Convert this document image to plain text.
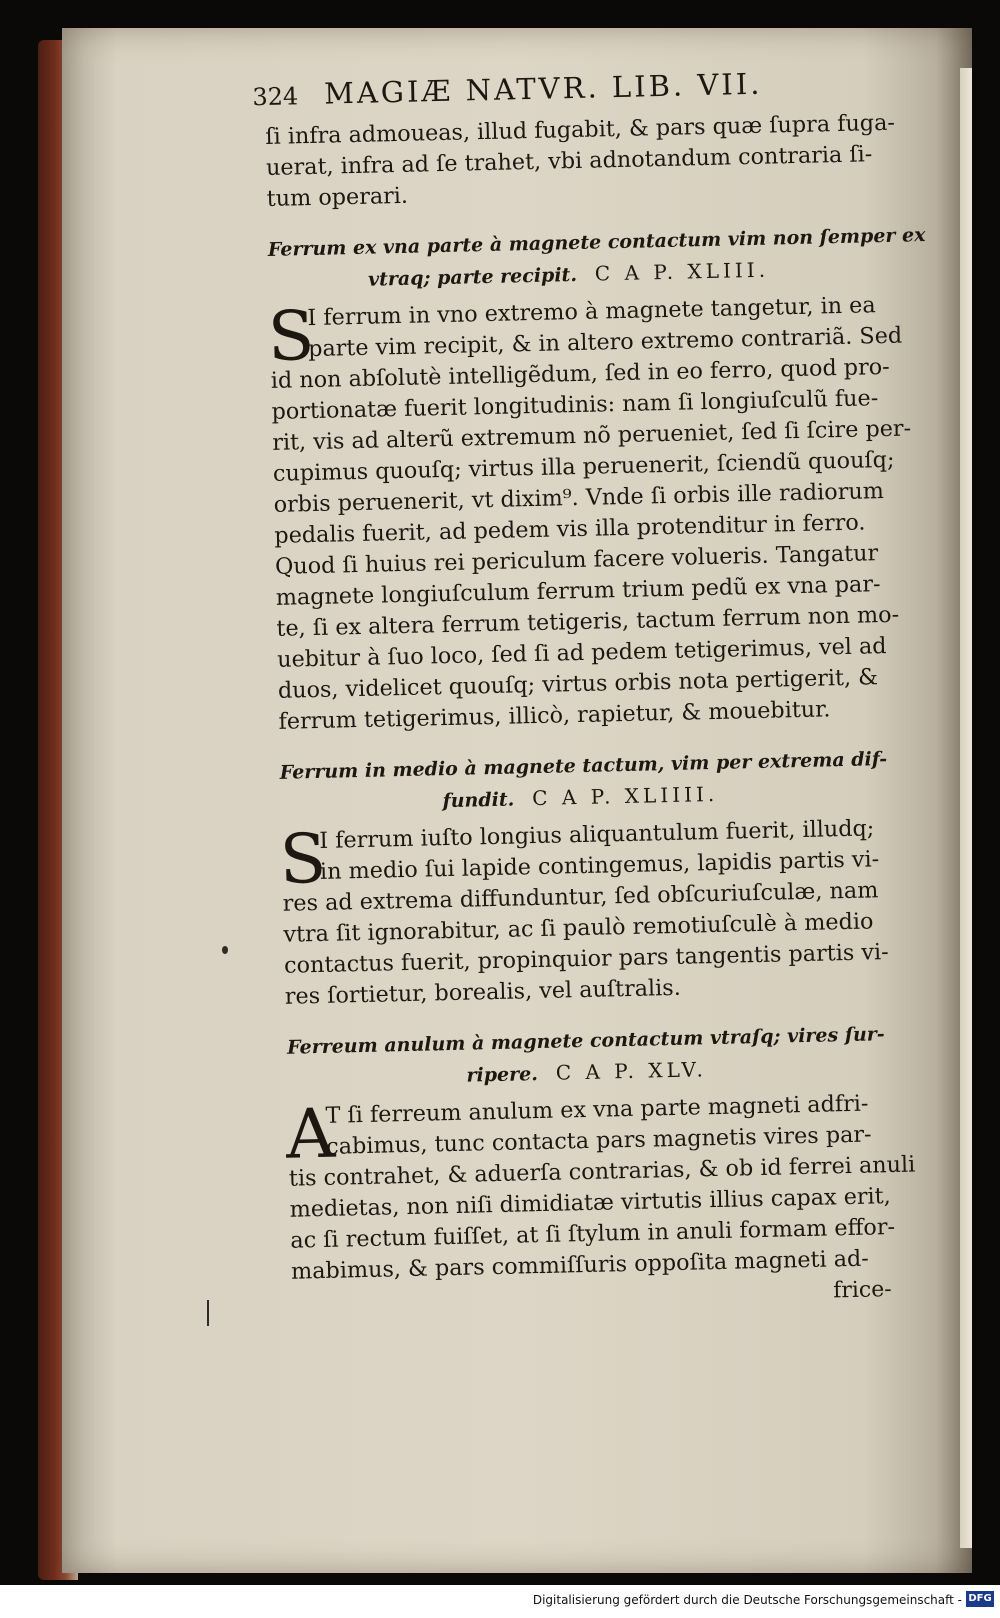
324 MAGIÆ NATVR. LIB. VII.
ſi infra admoueas, illud fugabit, & pars quæ ſupra fuga-
uerat, infra ad ſe trahet, vbi adnotandum contraria ſi-
tum operari.
Ferrum ex vna parte à magnete contactum vim non ſemper ex
vtraq; parte recipit. C A P. XLIII.
S
I ferrum in vno extremo à magnete tangetur, in ea
parte vim recipit, & in altero extremo contrariã. Sed
id non abſolutè intelligẽdum, ſed in eo ferro, quod pro-
portionatæ fuerit longitudinis: nam ſi longiuſculũ fue-
rit, vis ad alterũ extremum nõ perueniet, ſed ſi ſcire per-
cupimus quouſq; virtus illa peruenerit, ſciendũ quouſq;
orbis peruenerit, vt dixim⁹. Vnde ſi orbis ille radiorum
pedalis fuerit, ad pedem vis illa protenditur in ferro.
Quod ſi huius rei periculum facere volueris. Tangatur
magnete longiuſculum ferrum trium pedũ ex vna par-
te, ſi ex altera ferrum tetigeris, tactum ferrum non mo-
uebitur à ſuo loco, ſed ſi ad pedem tetigerimus, vel ad
duos, videlicet quouſq; virtus orbis nota pertigerit, &
ferrum tetigerimus, illicò, rapietur, & mouebitur.
Ferrum in medio à magnete tactum, vim per extrema dif-
fundit. C A P. XLIIII.
S
I ferrum iuſto longius aliquantulum fuerit, illudq;
in medio ſui lapide contingemus, lapidis partis vi-
res ad extrema diffunduntur, ſed obſcuriuſculæ, nam
vtra ſit ignorabitur, ac ſi paulò remotiuſculè à medio
contactus fuerit, propinquior pars tangentis partis vi-
res ſortietur, borealis, vel auſtralis.
Ferreum anulum à magnete contactum vtraſq; vires ſur-
ripere. C A P. XLV.
A
T ſi ferreum anulum ex vna parte magneti adfri-
cabimus, tunc contacta pars magnetis vires par-
tis contrahet, & aduerſa contrarias, & ob id ferrei anuli
medietas, non niſi dimidiatæ virtutis illius capax erit,
ac ſi rectum fuiſſet, at ſi ſtylum in anuli formam effor-
mabimus, & pars commiſſuris oppoſita magneti ad-
frice-
Digitalisierung gefördert durch die Deutsche Forschungsgemeinschaft - DFG
